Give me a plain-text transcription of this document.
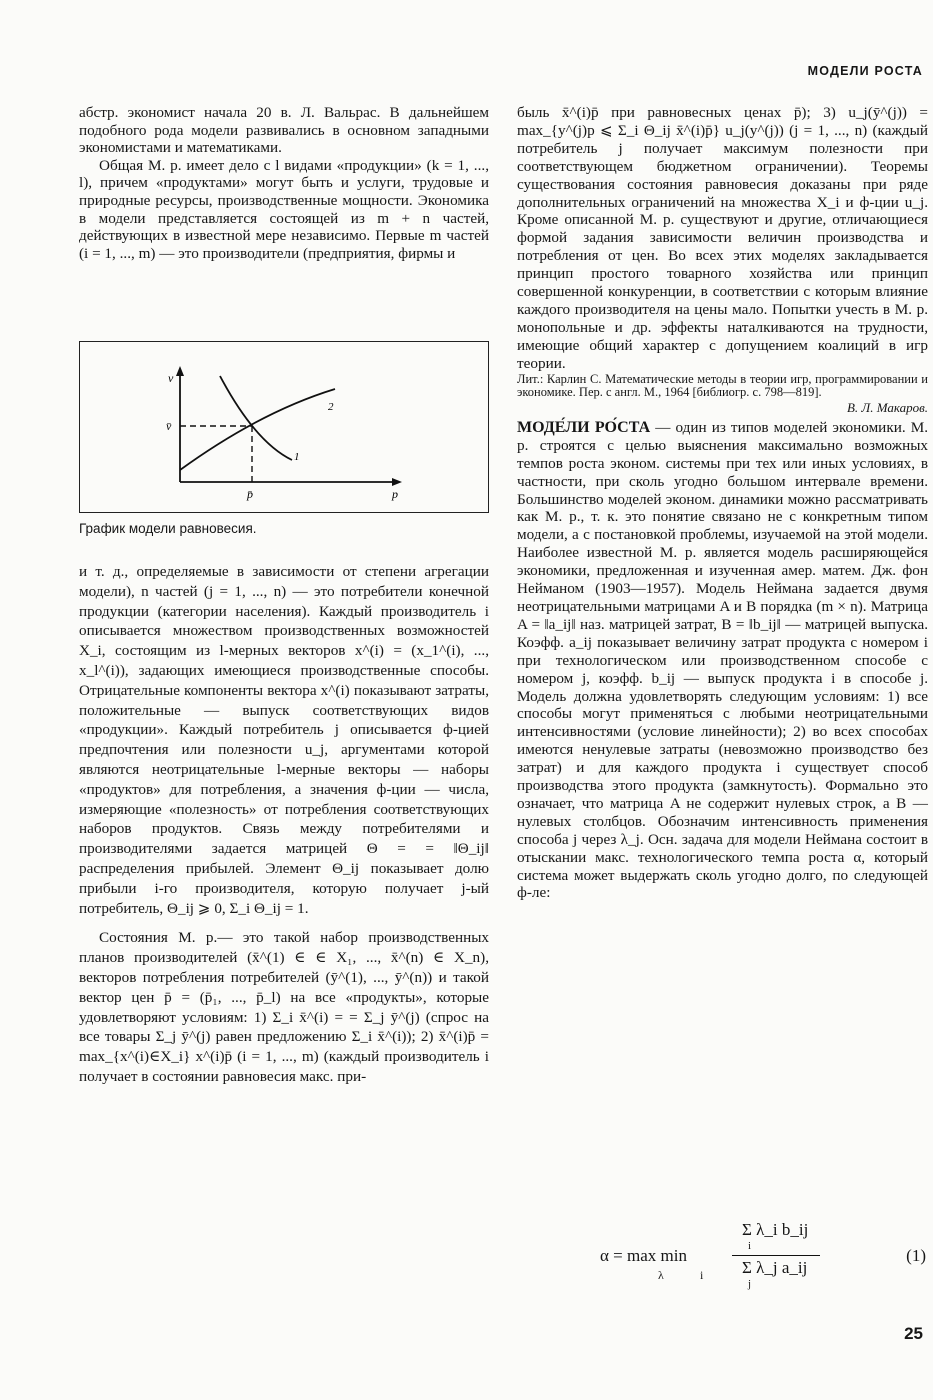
МОДЕЛИ РОСТА

абстр. экономист начала 20 в. Л. Вальрас. В дальнейшем подобного рода модели развивались в основном западными экономистами и математиками.

Общая М. р. имеет дело с l видами «продукции» (k = 1, ..., l), причем «продуктами» могут быть и услуги, трудовые и природные ресурсы, производственные мощности. Экономика в модели представляется состоящей из m + n частей, действующих в известной мере независимо. Первые m частей (i = 1, ..., m) — это производители (предприятия, фирмы и

v
v̄
p̄	p
2
1
График модели равновесия.

и т. д., определяемые в зависимости от степени агрегации модели), n частей (j = 1, ..., n) — это потребители конечной продукции (категории населения). Каждый производитель i описывается множеством производственных возможностей X_i, состоящим из l-мерных векторов x^(i) = (x_1^(i), ..., x_l^(i)), задающих имеющиеся производственные способы. Отрицательные компоненты вектора x^(i) показывают затраты, положительные — выпуск соответствующих видов «продукции». Каждый потребитель j описывается ф-цией предпочтения или полезности u_j, аргументами которой являются неотрицательные l-мерные векторы — наборы «продуктов» для потребления, а значения ф-ции — числа, измеряющие «полезность» от потребления соответствующих наборов продуктов. Связь между потребителями и производителями задается матрицей Θ = = ‖Θ_ij‖ распределения прибылей. Элемент Θ_ij показывает долю прибыли i-го производителя, которую получает j-ый потребитель, Θ_ij ⩾ 0, Σ_i Θ_ij = 1.

Состояния М. р.— это такой набор производственных планов производителей (x̄^(1) ∈ ∈ X₁, ..., x̄^(n) ∈ X_n), векторов потребления потребителей (ȳ^(1), ..., ȳ^(n)) и такой вектор цен p̄ = (p̄₁, ..., p̄_l) на все «продукты», которые удовлетворяют условиям: 1) Σ_i x̄^(i) = = Σ_j ȳ^(j) (спрос на все товары Σ_j ȳ^(j) равен предложению Σ_i x̄^(i)); 2) x̄^(i)p̄ = max_{x^(i)∈X_i} x^(i)p̄ (i = 1, ..., m) (каждый производитель i получает в состоянии равновесия макс. при-

быль x̄^(i)p̄ при равновесных ценах p̄); 3) u_j(ȳ^(j)) = max_{y^(j)p ⩽ Σ_i Θ_ij x̄^(i)p̄} u_j(y^(j)) (j = 1, ..., n) (каждый потребитель j получает максимум полезности при соответствующем бюджетном ограничении). Теоремы существования состояния равновесия доказаны при ряде дополнительных ограничений на множества X_i и ф-ции u_j. Кроме описанной М. р. существуют и другие, отличающиеся формой задания зависимости величин производства и потребления от цен. Во всех этих моделях закладывается принцип простого товарного хозяйства или принцип совершенной конкуренции, в соответствии с которым влияние каждого производителя на цены мало. Попытки учесть в М. р. монопольные и др. эффекты наталкиваются на трудности, имеющие общий характер с допущением коалиций в игр теории.

Лит.: Карлин С. Математические методы в теории игр, программировании и экономике. Пер. с англ. М., 1964 [библиогр. с. 798—819].

В. Л. Макаров.

МОДЕ́ЛИ РО́СТА — один из типов моделей экономики. М. р. строятся с целью выяснения максимально возможных темпов роста эконом. системы при тех или иных условиях, в частности, при сколь угодно большом интервале времени. Большинство моделей эконом. динамики можно рассматривать как М. р., т. к. это понятие связано не с конкретным типом модели, а с постановкой проблемы, изучаемой на этой модели. Наиболее известной М. р. является модель расширяющейся экономики, предложенная и изученная амер. матем. Дж. фон Нейманом (1903—1957). Модель Неймана задается двумя неотрицательными матрицами A и B порядка (m × n). Матрица A = ‖a_ij‖ наз. матрицей затрат, B = ‖b_ij‖ — матрицей выпуска. Коэфф. a_ij показывает величину затрат продукта с номером i при технологическом или производственном способе с номером j, коэфф. b_ij — выпуск продукта i в способе j. Модель должна удовлетворять следующим условиям: 1) все способы могут применяться с любыми неотрицательными интенсивностями (условие линейности); 2) во всех способах имеются ненулевые затраты (невозможно производство без затрат) и для каждого продукта i существует способ производства этого продукта (замкнутость). Формально это означает, что матрица A не содержит нулевых строк, а B — нулевых столбцов. Обозначим интенсивность применения способа j через λ_j. Осн. задача для модели Неймана состоит в отыскании макс. технологического темпа роста α, который система может выдержать сколь угодно долго, по следующей ф-ле:

α = max min
λ	i
Σ λ_i b_ij
i
Σ λ_j a_ij
j
(1)
25
